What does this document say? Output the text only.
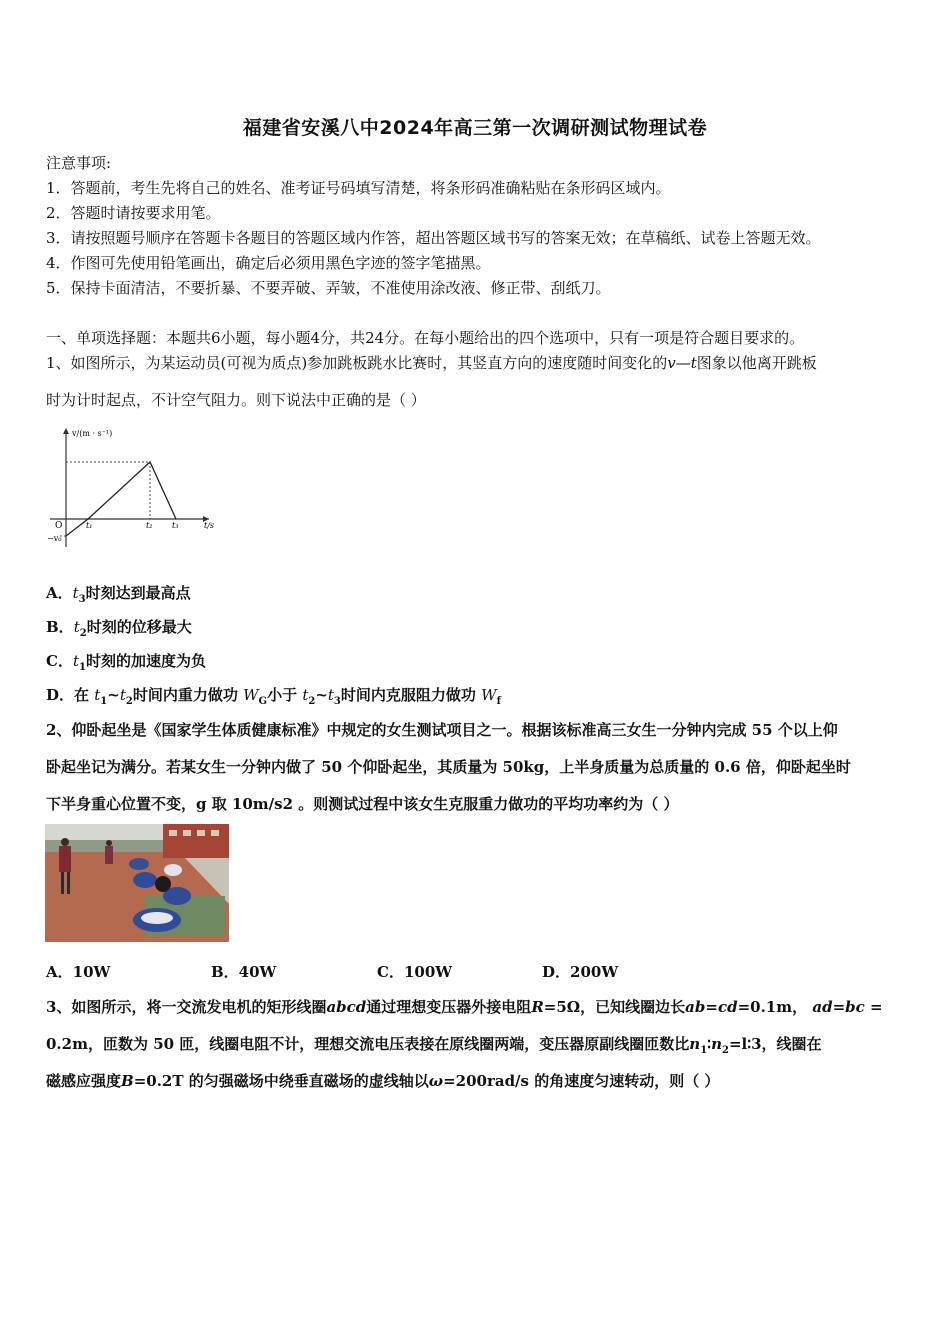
福建省安溪八中2024年高三第一次调研测试物理试卷
注意事项:
1．答题前，考生先将自己的姓名、准考证号码填写清楚，将条形码准确粘贴在条形码区域内。
2．答题时请按要求用笔。
3．请按照题号顺序在答题卡各题目的答题区域内作答，超出答题区域书写的答案无效；在草稿纸、试卷上答题无效。
4．作图可先使用铅笔画出，确定后必须用黑色字迹的签字笔描黑。
5．保持卡面清洁，不要折暴、不要弄破、弄皱，不准使用涂改液、修正带、刮纸刀。
一、单项选择题：本题共6小题，每小题4分，共24分。在每小题给出的四个选项中，只有一项是符合题目要求的。
1、如图所示，为某运动员(可视为质点)参加跳板跳水比赛时，其竖直方向的速度随时间变化的v—t图象以他离开跳板
时为计时起点，不计空气阻力。则下说法中正确的是（ ）
v/(m · s⁻¹)
t/s
O
−v₀
t₁	t₂ t₃
A．$t_3$时刻达到最高点
B．$t_2$时刻的位移最大
C．$t_1$时刻的加速度为负
D．在 $t_1\sim t_2$时间内重力做功 $W_G$小于 $t_2\sim t_3$时间内克服阻力做功 $W_f$
2、仰卧起坐是《国家学生体质健康标准》中规定的女生测试项目之一。根据该标准高三女生一分钟内完成 55 个以上仰
卧起坐记为满分。若某女生一分钟内做了 50 个仰卧起坐，其质量为 50kg，上半身质量为总质量的 0.6 倍，仰卧起坐时
下半身重心位置不变，g 取 10m/s2 。则测试过程中该女生克服重力做功的平均功率约为（ ）
A．10W	B．40W	C．100W	D．200W
3、如图所示，将一交流发电机的矩形线圈abcd通过理想变压器外接电阻R=5Ω，已知线圈边长ab=cd=0.1m， ad=bc =
0.2m，匝数为 50 匝，线圈电阻不计，理想交流电压表接在原线圈两端，变压器原副线圈匝数比$n_1∶n_2=l∶3$，线圈在
磁感应强度B=0.2T 的匀强磁场中绕垂直磁场的虚线轴以ω=200rad/s 的角速度匀速转动，则（ ）
